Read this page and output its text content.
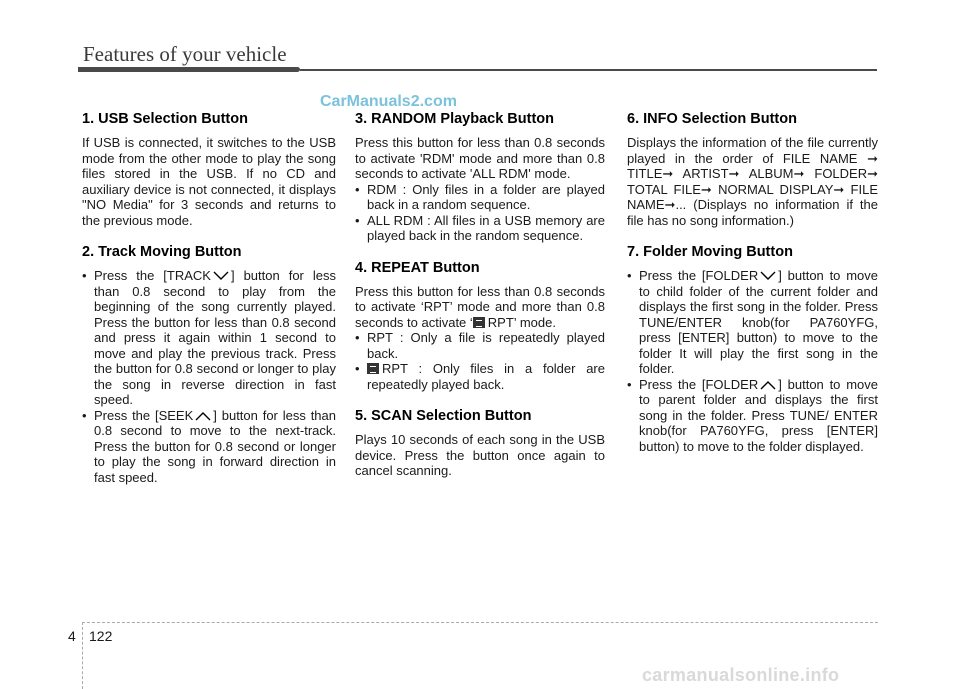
Features of your vehicle
CarManuals2.com
1. USB Selection Button

If USB is connected, it switches to the USB mode from the other mode to play the song files stored in the USB. If no CD and auxiliary device is not connected, it displays "NO Media" for 3 seconds and returns to the previous mode.

2. Track Moving Button
• Press the [TRACK ] button for less than 0.8 second to play from the beginning of the song currently played. Press the button for less than 0.8 second and press it again within 1 second to move and play the previous track. Press the button for 0.8 second or longer to play the song in reverse direction in fast speed.
• Press the [SEEK ] button for less than 0.8 second to move to the next-track. Press the button for 0.8 second or longer to play the song in forward direction in fast speed.
3. RANDOM Playback Button

Press this button for less than 0.8 seconds to activate 'RDM' mode and more than 0.8 seconds to activate 'ALL RDM' mode.

• RDM : Only files in a folder are played back in a random sequence.
• ALL RDM : All files in a USB memory are played back in the random sequence.
4. REPEAT Button

Press this button for less than 0.8 seconds to activate ‘RPT’ mode and more than 0.8 seconds to activate ‘ RPT’ mode.

• RPT : Only a file is repeatedly played back.
• RPT : Only files in a folder are repeatedly played back.
5. SCAN Selection Button

Plays 10 seconds of each song in the USB device. Press the button once again to cancel scanning.

6. INFO Selection Button

Displays the information of the file currently played in the order of FILE NAME ➞ TITLE➞ ARTIST➞ ALBUM➞ FOLDER➞ TOTAL FILE➞ NORMAL DISPLAY➞ FILE NAME➞... (Displays no information if the file has no song information.)

7. Folder Moving Button
• Press the [FOLDER ] button to move to child folder of the current folder and displays the first song in the folder. Press TUNE/ENTER knob(for PA760YFG, press [ENTER] button) to move to the folder It will play the first song in the folder.
• Press the [FOLDER ] button to move to parent folder and displays the first song in the folder. Press TUNE/ ENTER knob(for PA760YFG, press [ENTER] button) to move to the folder displayed.
4 122
carmanualsonline.info
